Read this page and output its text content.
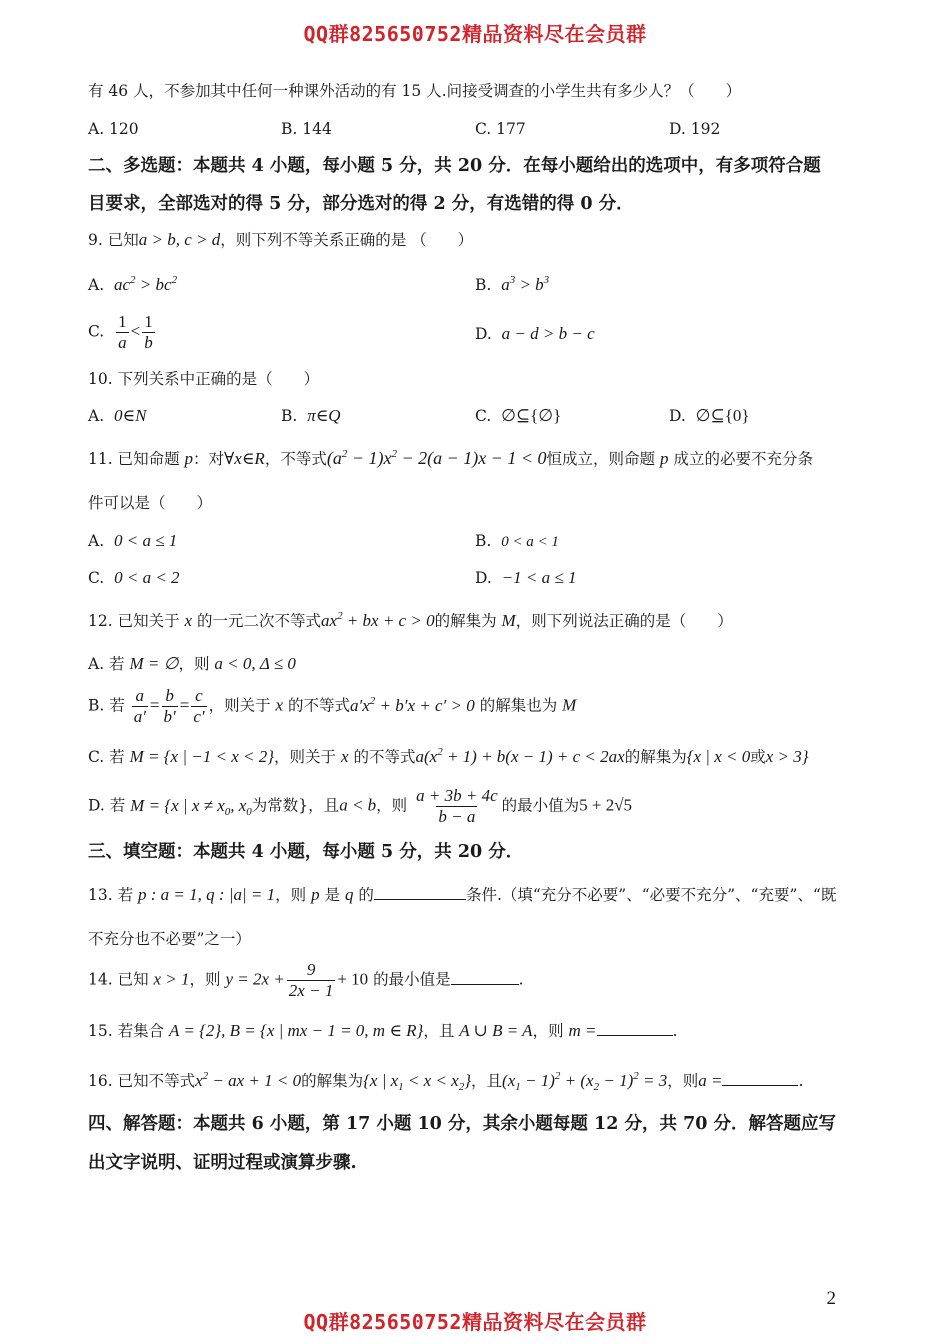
QQ群825650752精品资料尽在会员群
QQ群825650752精品资料尽在会员群
有 46 人，不参加其中任何一种课外活动的有 15 人.问接受调查的小学生共有多少人？（　　）
A. 120	B. 144	C. 177	D. 192
二、多选题：本题共 4 小题，每小题 5 分，共 20 分．在每小题给出的选项中，有多项符合题
目要求，全部选对的得 5 分，部分选对的得 2 分，有选错的得 0 分．
9. 已知a > b, c > d，则下列不等关系正确的是 （　　）
A. $ac^2 > bc^2$	B. $a^3 > b^3$
C. $\frac{1}{a} < \frac{1}{b}$	D. a − d > b − c
10. 下列关系中正确的是（　　）
A. 0∈N	B. π∈Q	C. ∅⊆{∅}	D. ∅⊆{0}
11. 已知命题 p：对∀x∈R，不等式$(a^2 - 1)x^2 - 2(a - 1)x - 1 < 0$恒成立，则命题 p 成立的必要不充分条
件可以是（　　）
A. 0 < a ≤ 1	B. 0 < a < 1
C. 0 < a < 2	D. −1 < a ≤ 1
12. 已知关于 x 的一元二次不等式$ax^2$ + bx + c > 0的解集为 M，则下列说法正确的是（　　）
A. 若 M = ∅，则 a < 0, Δ ≤ 0
B. 若 $\frac{a}{a'} = \frac{b}{b'} = \frac{c}{c'}$ ，则关于 x 的不等式$a'x^2 + b'x + c' > 0$ 的解集也为 M
C. 若 M = {x | −1 < x < 2}，则关于 x 的不等式$a(x^2 + 1) + b(x - 1) + c < 2ax$的解集为{x | x < 0或x > 3}
D. 若 M = {x | $x \ne x_0$, $x_0$为常数}，且a < b，则 $\frac{a + 3b + 4c}{b - a}$ 的最小值为5 + 2√5
三、填空题：本题共 4 小题，每小题 5 分，共 20 分．
13. 若 p : a = 1, q : |a| = 1，则 p 是 q 的	条件.（填“充分不必要”、“必要不充分”、“充要”、“既
不充分也不必要”之一）
14. 已知 x > 1，则 $y = 2x + \frac{9}{2x - 1} + 10$ 的最小值是	.
15. 若集合 A = {2}, B = {x | mx − 1 = 0, m ∈ R}，且 A ∪ B = A，则 m =	.
16. 已知不等式$x^2$ − ax + 1 < 0的解集为{x | $x_1 < x < x_2$}，且$(x_1 - 1)^2 + (x_2 - 1)^2 = 3$，则a =	.
四、解答题：本题共 6 小题，第 17 小题 10 分，其余小题每题 12 分，共 70 分．解答题应写
出文字说明、证明过程或演算步骤.
2
